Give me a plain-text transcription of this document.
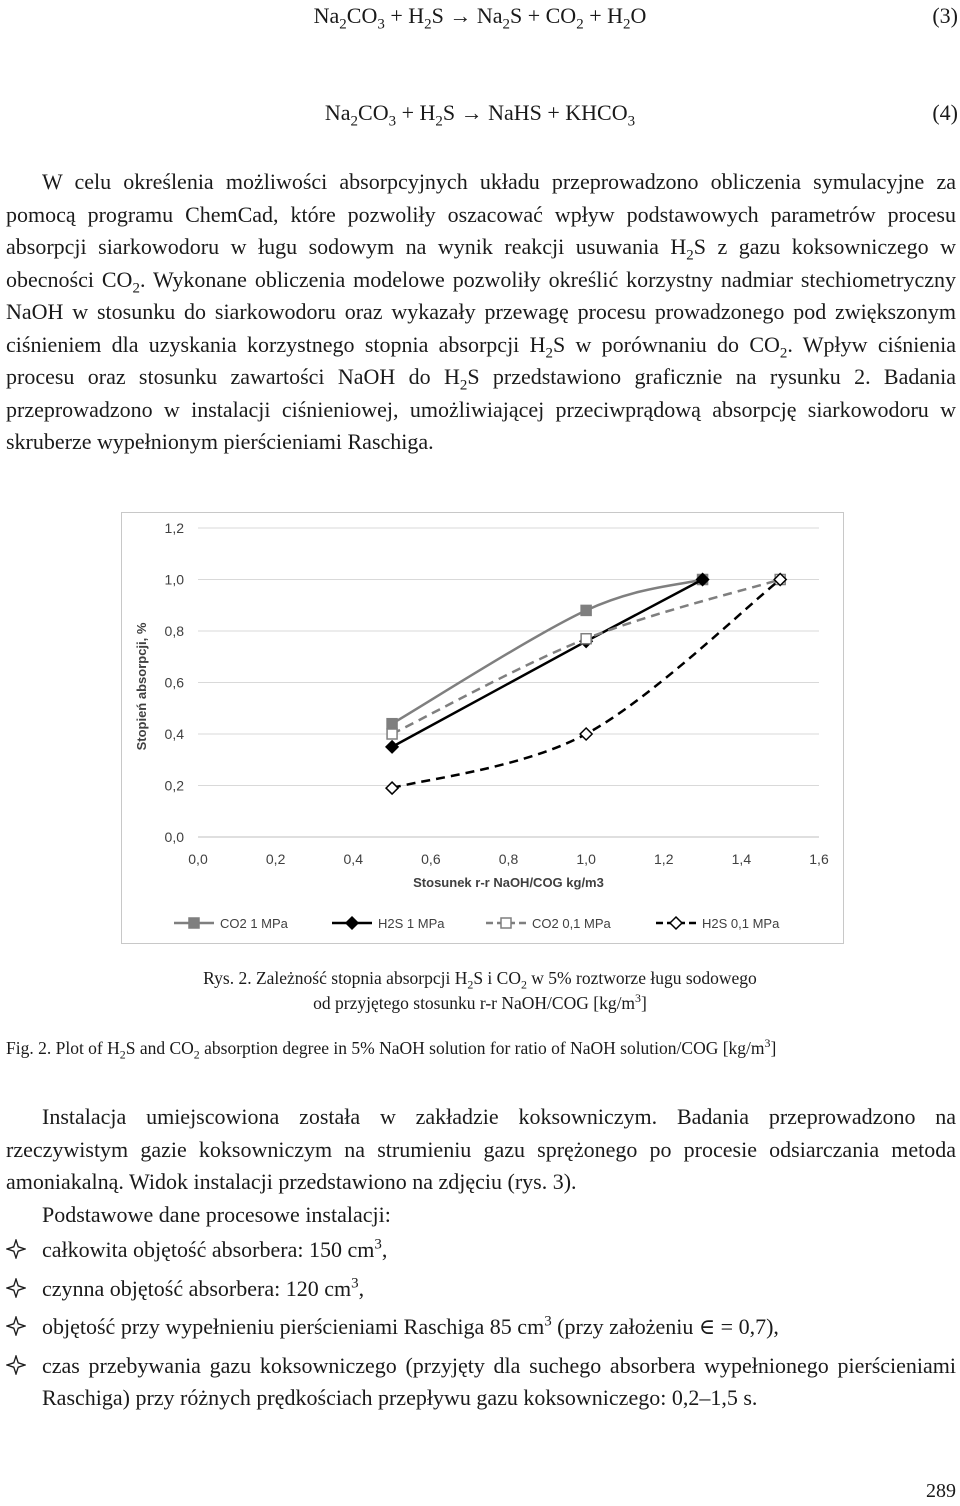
$Na_2CO_3 + H_2S \to Na_2S + CO_2 + H_2O$	(3)
$Na_2CO_3 + H_2S$ → NaHS + $KHCO_3$	(4)

W celu określenia możliwości absorpcyjnych układu przeprowadzono obliczenia symulacyjne za pomocą programu ChemCad, które pozwoliły oszacować wpływ podstawowych parametrów procesu absorpcji siarkowodoru w ługu sodowym na wynik reakcji usuwania $H_2S$ z gazu koksowniczego w obecności $CO_2$. Wykonane obliczenia modelowe pozwoliły określić korzystny nadmiar stechiometryczny NaOH w stosunku do siarkowodoru oraz wykazały przewagę procesu prowadzonego pod zwiększonym ciśnieniem dla uzyskania korzystnego stopnia absorpcji $H_2S$ w porównaniu do $CO_2$. Wpływ ciśnienia procesu oraz stosunku zawartości NaOH do $H_2S$ przedstawiono graficznie na rysunku 2. Badania przeprowadzono w instalacji ciśnieniowej, umożliwiającej przeciwprądową absorpcję siarkowodoru w skruberze wypełnionym pierścieniami Raschiga.

0,0
0,2
0,4
0,6
0,8
1,0
1,2
0,0	0,2	0,4	0,6	0,8	1,0	1,2	1,4	1,6
Stosunek r-r NaOH/COG kg/m3
Stopień absorpcji, %
CO2 1 MPa	H2S 1 MPa	CO2 0,1 MPa	H2S 0,1 MPa
Rys. 2. Zależność stopnia absorpcji $H_2S$ i $CO_2$ w 5% roztworze ługu sodowego
od przyjętego stosunku r-r NaOH/COG $[kg/m^3]$
Fig. 2. Plot of $H_2S$ and $CO_2$ absorption degree in 5% NaOH solution for ratio of NaOH solution/COG $[kg/m^3]$

Instalacja umiejscowiona została w zakładzie koksowniczym. Badania przeprowadzono na rzeczywistym gazie koksowniczym na strumieniu gazu sprężonego po procesie odsiarczania metoda amoniakalną. Widok instalacji przedstawiono na zdjęciu (rys. 3).

Podstawowe dane procesowe instalacji:

całkowita objętość absorbera: 150 $cm^3$,
czynna objętość absorbera: 120 $cm^3$,
objętość przy wypełnieniu pierścieniami Raschiga 85 $cm^3$ (przy założeniu ∈ = 0,7),
czas przebywania gazu koksowniczego (przyjęty dla suchego absorbera wypełnionego pierścieniami Raschiga) przy różnych prędkościach przepływu gazu koksowniczego: 0,2–1,5 s.
289
